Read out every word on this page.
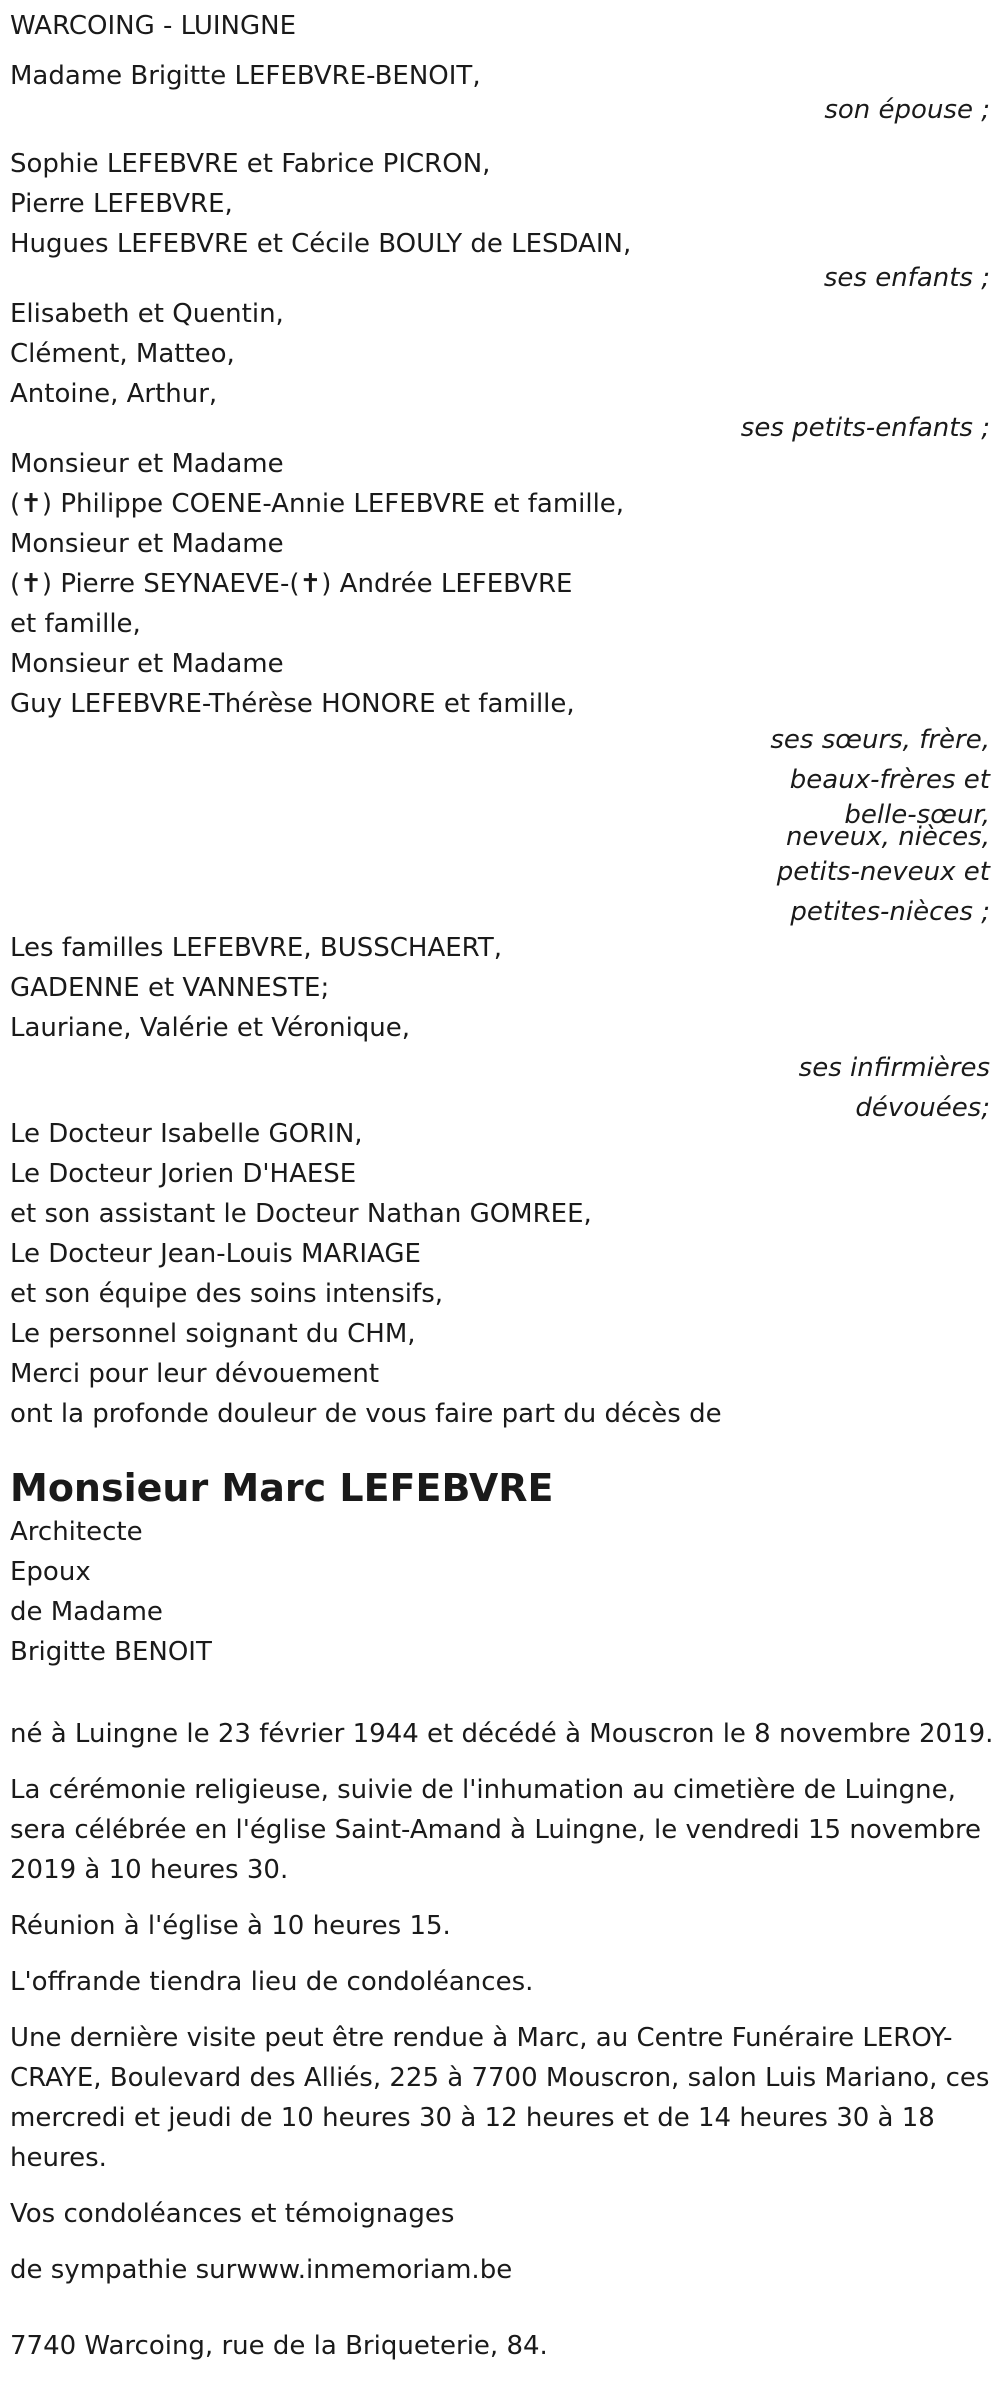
WARCOING - LUINGNE
Madame Brigitte LEFEBVRE-BENOIT,
son épouse ;
Sophie LEFEBVRE et Fabrice PICRON,
Pierre LEFEBVRE,
Hugues LEFEBVRE et Cécile BOULY de LESDAIN,
ses enfants ;
Elisabeth et Quentin,
Clément, Matteo,
Antoine, Arthur,
ses petits-enfants ;
Monsieur et Madame
(✝) Philippe COENE-Annie LEFEBVRE et famille,
Monsieur et Madame
(✝) Pierre SEYNAEVE-(✝) Andrée LEFEBVRE
et famille,
Monsieur et Madame
Guy LEFEBVRE-Thérèse HONORE et famille,
ses sœurs, frère,
beaux-frères et
belle-sœur,
neveux, nièces,
petits-neveux et
petites-nièces ;
Les familles LEFEBVRE, BUSSCHAERT,
GADENNE et VANNESTE;
Lauriane, Valérie et Véronique,
ses infirmières
dévouées;
Le Docteur Isabelle GORIN,
Le Docteur Jorien D'HAESE
et son assistant le Docteur Nathan GOMREE,
Le Docteur Jean-Louis MARIAGE
et son équipe des soins intensifs,
Le personnel soignant du CHM,
Merci pour leur dévouement
ont la profonde douleur de vous faire part du décès de
Monsieur Marc LEFEBVRE
Architecte
Epoux
de Madame
Brigitte BENOIT
né à Luingne le 23 février 1944 et décédé à Mouscron le 8 novembre 2019.
La cérémonie religieuse, suivie de l'inhumation au cimetière de Luingne, sera célébrée en l'église Saint-Amand à Luingne, le vendredi 15 novembre 2019 à 10 heures 30.
Réunion à l'église à 10 heures 15.
L'offrande tiendra lieu de condoléances.
Une dernière visite peut être rendue à Marc, au Centre Funéraire LEROY-CRAYE, Boulevard des Alliés, 225 à 7700 Mouscron, salon Luis Mariano, ces mercredi et jeudi de 10 heures 30 à 12 heures et de 14 heures 30 à 18 heures.
Vos condoléances et témoignages
de sympathie surwww.inmemoriam.be
7740 Warcoing, rue de la Briqueterie, 84.
